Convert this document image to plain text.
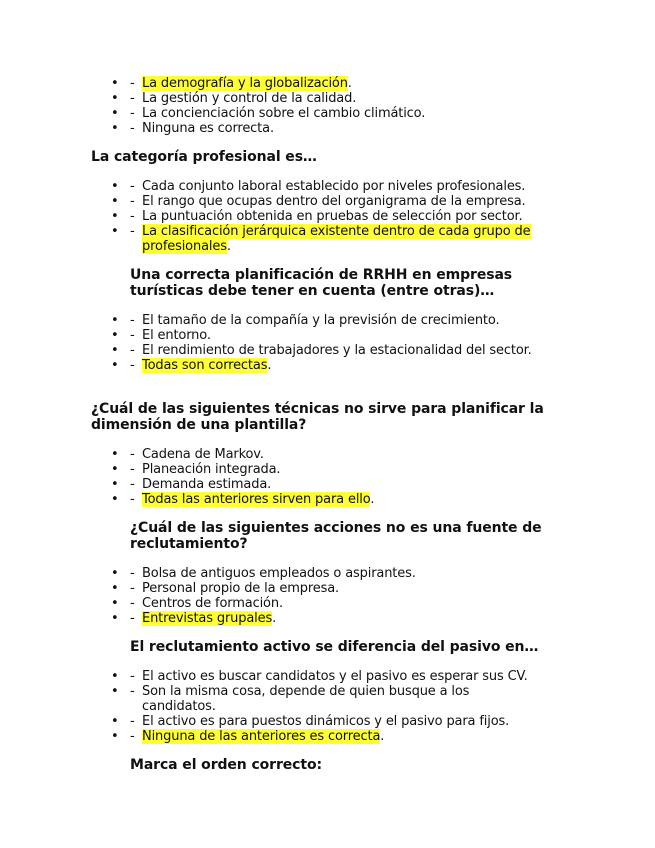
• - La demografía y la globalización.
• - La gestión y control de la calidad.
• - La concienciación sobre el cambio climático.
• - Ninguna es correcta.

La categoría profesional es…

• - Cada conjunto laboral establecido por niveles profesionales.
• - El rango que ocupas dentro del organigrama de la empresa.
• - La puntuación obtenida en pruebas de selección por sector.
• - La clasificación jerárquica existente dentro de cada grupo de profesionales.

Una correcta planificación de RRHH en empresas turísticas debe tener en cuenta (entre otras)…

• - El tamaño de la compañía y la previsión de crecimiento.
• - El entorno.
• - El rendimiento de trabajadores y la estacionalidad del sector.
• - Todas son correctas.

¿Cuál de las siguientes técnicas no sirve para planificar la dimensión de una plantilla?

• - Cadena de Markov.
• - Planeación integrada.
• - Demanda estimada.
• - Todas las anteriores sirven para ello.

¿Cuál de las siguientes acciones no es una fuente de reclutamiento?

• - Bolsa de antiguos empleados o aspirantes.
• - Personal propio de la empresa.
• - Centros de formación.
• - Entrevistas grupales.

El reclutamiento activo se diferencia del pasivo en…

• - El activo es buscar candidatos y el pasivo es esperar sus CV.
• - Son la misma cosa, depende de quien busque a los candidatos.
• - El activo es para puestos dinámicos y el pasivo para fijos.
• - Ninguna de las anteriores es correcta.

Marca el orden correcto:
